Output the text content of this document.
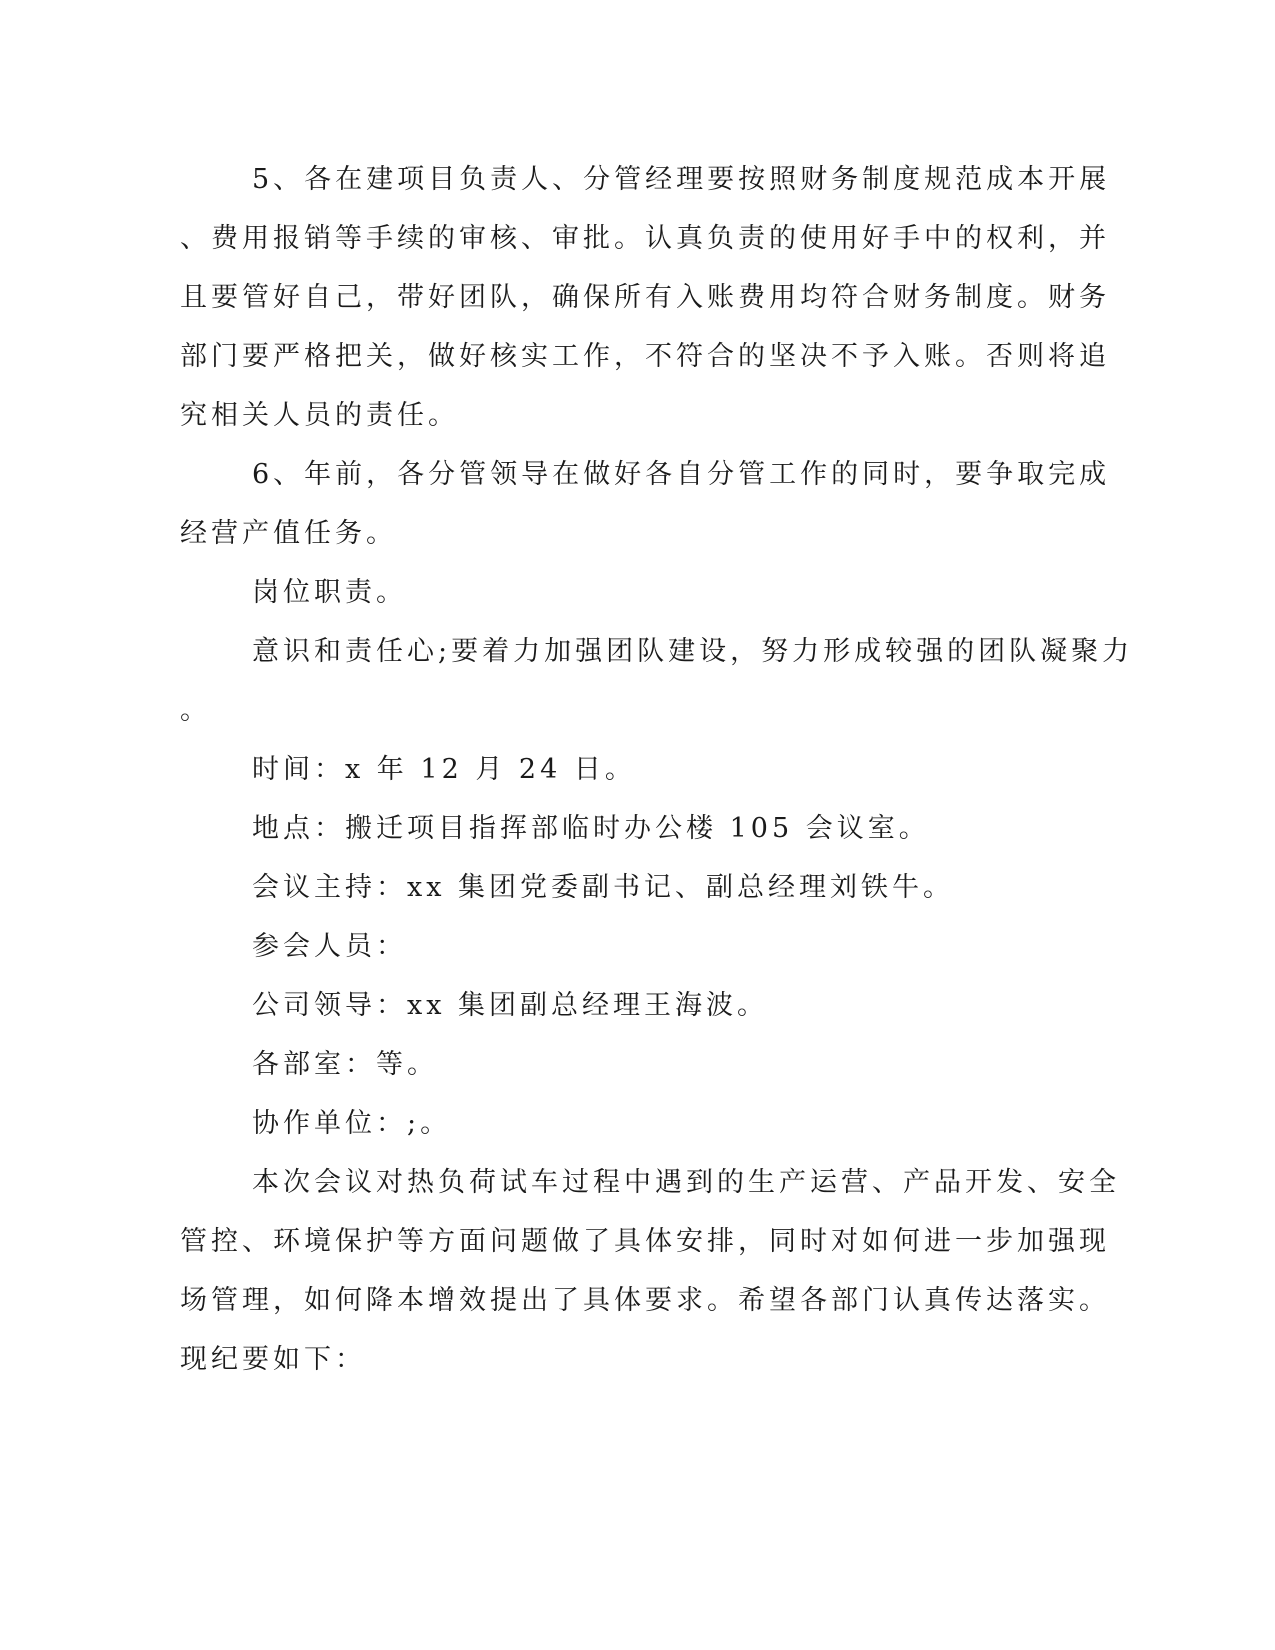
5、各在建项目负责人、分管经理要按照财务制度规范成本开展
、费用报销等手续的审核、审批。认真负责的使用好手中的权利，并
且要管好自己，带好团队，确保所有入账费用均符合财务制度。财务
部门要严格把关，做好核实工作，不符合的坚决不予入账。否则将追
究相关人员的责任。
6、年前，各分管领导在做好各自分管工作的同时，要争取完成
经营产值任务。
岗位职责。
意识和责任心;要着力加强团队建设，努力形成较强的团队凝聚力
。
时间：x 年 12 月 24 日。
地点：搬迁项目指挥部临时办公楼 105 会议室。
会议主持：xx 集团党委副书记、副总经理刘铁牛。
参会人员：
公司领导：xx 集团副总经理王海波。
各部室：等。
协作单位：;。
本次会议对热负荷试车过程中遇到的生产运营、产品开发、安全
管控、环境保护等方面问题做了具体安排，同时对如何进一步加强现
场管理，如何降本增效提出了具体要求。希望各部门认真传达落实。
现纪要如下：
